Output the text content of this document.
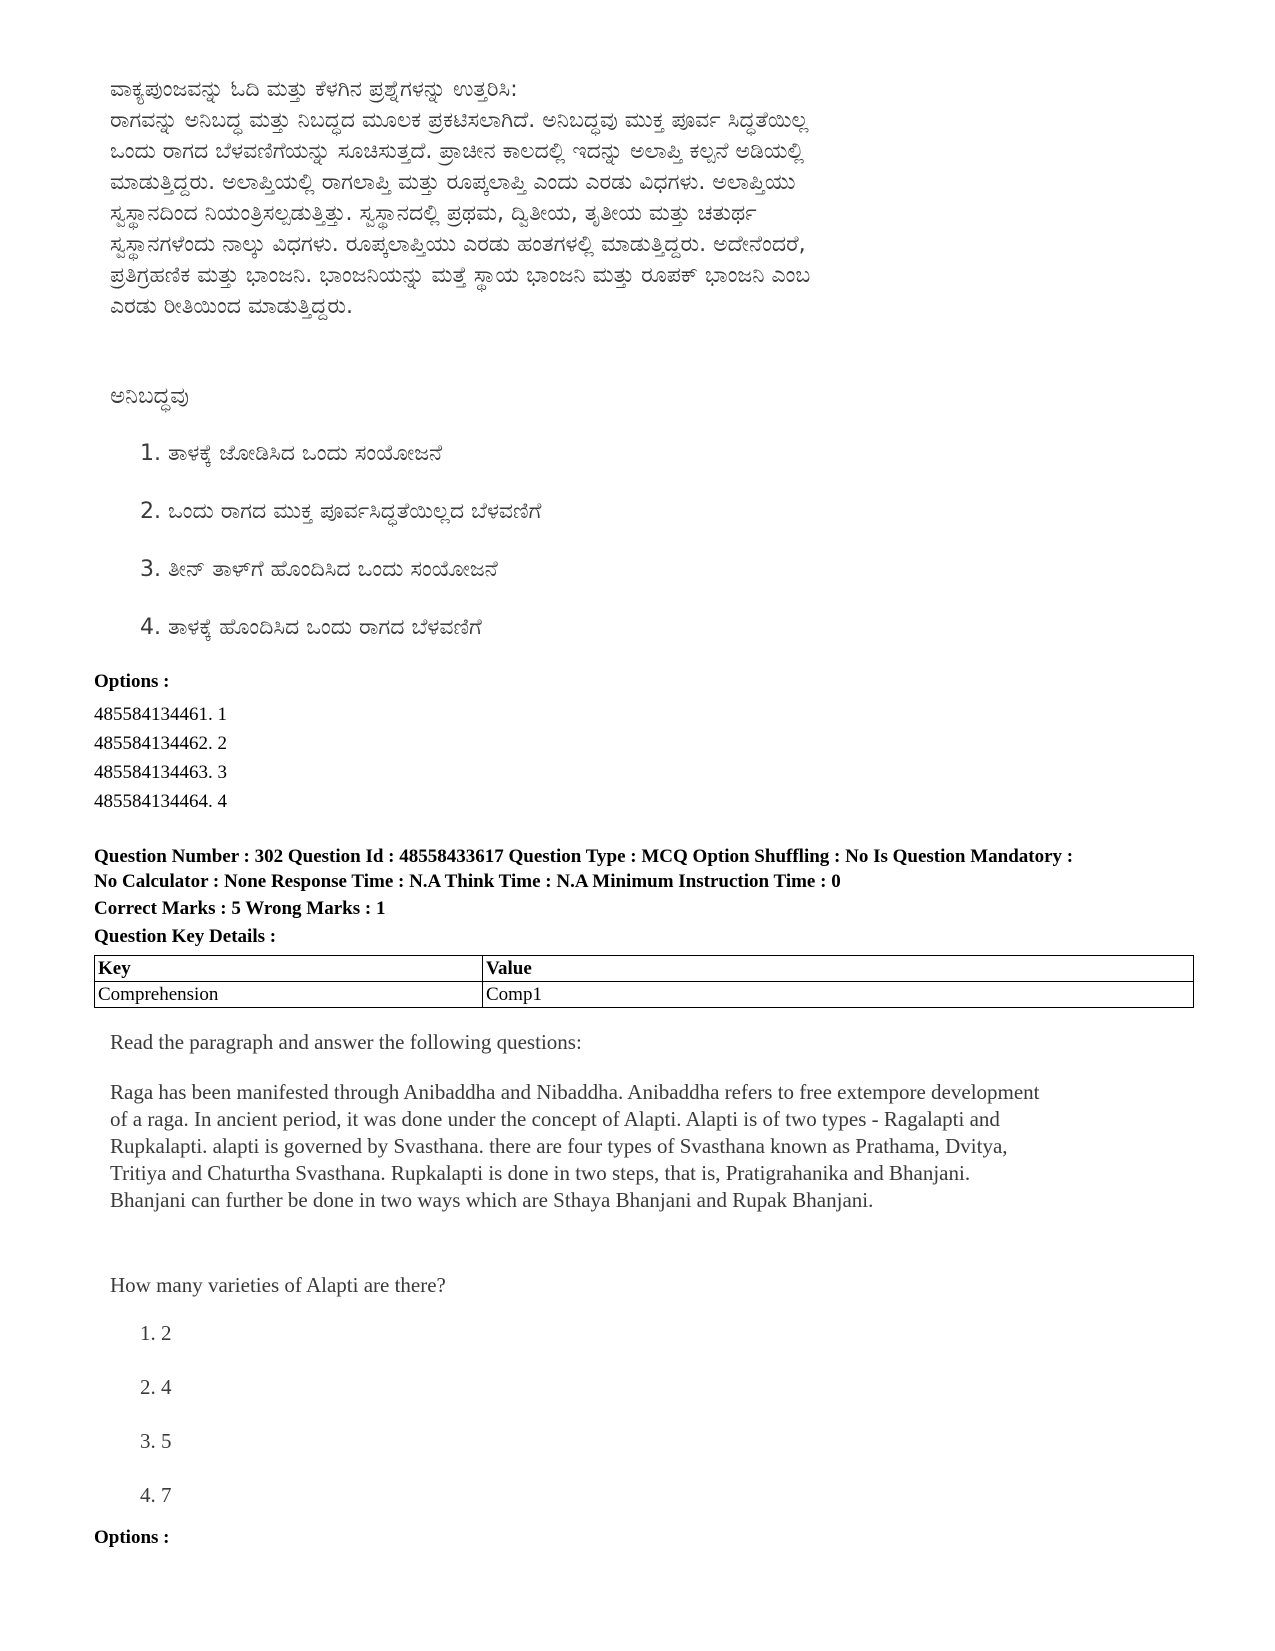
ವಾಕ್ಯಪುಂಜವನ್ನು ಓದಿ ಮತ್ತು ಕೆಳಗಿನ ಪ್ರಶ್ನೆಗಳನ್ನು ಉತ್ತರಿಸಿ:

ರಾಗವನ್ನು ಅನಿಬದ್ಧ ಮತ್ತು ನಿಬದ್ಧದ ಮೂಲಕ ಪ್ರಕಟಿಸಲಾಗಿದೆ. ಅನಿಬದ್ಧವು ಮುಕ್ತ ಪೂರ್ವ ಸಿದ್ಧತೆಯಿಲ್ಲ

ಒಂದು ರಾಗದ ಬೆಳವಣಿಗೆಯನ್ನು ಸೂಚಿಸುತ್ತದೆ. ಪ್ರಾಚೀನ ಕಾಲದಲ್ಲಿ ಇದನ್ನು ಅಲಾಪ್ತಿ ಕಲ್ಪನೆ ಅಡಿಯಲ್ಲಿ

ಮಾಡುತ್ತಿದ್ದರು. ಅಲಾಪ್ತಿಯಲ್ಲಿ ರಾಗಲಾಪ್ತಿ ಮತ್ತು ರೂಪ್ಕಲಾಪ್ತಿ ಎಂದು ಎರಡು ವಿಧಗಳು. ಅಲಾಪ್ತಿಯು

ಸ್ವಸ್ಥಾನದಿಂದ ನಿಯಂತ್ರಿಸಲ್ಪಡುತ್ತಿತ್ತು. ಸ್ವಸ್ಥಾನದಲ್ಲಿ ಪ್ರಥಮ, ದ್ವಿತೀಯ, ತೃತೀಯ ಮತ್ತು ಚತುರ್ಥ

ಸ್ವಸ್ಥಾನಗಳೆಂದು ನಾಲ್ಕು ವಿಧಗಳು. ರೂಪ್ಕಲಾಪ್ತಿಯು ಎರಡು ಹಂತಗಳಲ್ಲಿ ಮಾಡುತ್ತಿದ್ದರು. ಅದೇನೆಂದರೆ,

ಪ್ರತಿಗ್ರಹಣಿಕ ಮತ್ತು ಭಾಂಜನಿ. ಭಾಂಜನಿಯನ್ನು ಮತ್ತೆ ಸ್ಥಾಯ ಭಾಂಜನಿ ಮತ್ತು ರೂಪಕ್ ಭಾಂಜನಿ ಎಂಬ

ಎರಡು ರೀತಿಯಿಂದ ಮಾಡುತ್ತಿದ್ದರು.

ಅನಿಬದ್ಧವು
1. ತಾಳಕ್ಕೆ ಜೋಡಿಸಿದ ಒಂದು ಸಂಯೋಜನೆ
2. ಒಂದು ರಾಗದ ಮುಕ್ತ ಪೂರ್ವಸಿದ್ಧತೆಯಿಲ್ಲದ ಬೆಳವಣಿಗೆ
3. ತೀನ್ ತಾಳ್‌ಗೆ ಹೊಂದಿಸಿದ ಒಂದು ಸಂಯೋಜನೆ
4. ತಾಳಕ್ಕೆ ಹೊಂದಿಸಿದ ಒಂದು ರಾಗದ ಬೆಳವಣಿಗೆ
Options :
485584134461. 1
485584134462. 2
485584134463. 3
485584134464. 4
Question Number : 302 Question Id : 48558433617 Question Type : MCQ Option Shuffling : No Is Question Mandatory :
No Calculator : None Response Time : N.A Think Time : N.A Minimum Instruction Time : 0
Correct Marks : 5 Wrong Marks : 1
Question Key Details :
Key	Value
Comprehension	Comp1
Read the paragraph and answer the following questions:

Raga has been manifested through Anibaddha and Nibaddha. Anibaddha refers to free extempore development

of a raga. In ancient period, it was done under the concept of Alapti. Alapti is of two types - Ragalapti and

Rupkalapti. alapti is governed by Svasthana. there are four types of Svasthana known as Prathama, Dvitya,

Tritiya and Chaturtha Svasthana. Rupkalapti is done in two steps, that is, Pratigrahanika and Bhanjani.

Bhanjani can further be done in two ways which are Sthaya Bhanjani and Rupak Bhanjani.

How many varieties of Alapti are there?
1. 2
2. 4
3. 5
4. 7
Options :
